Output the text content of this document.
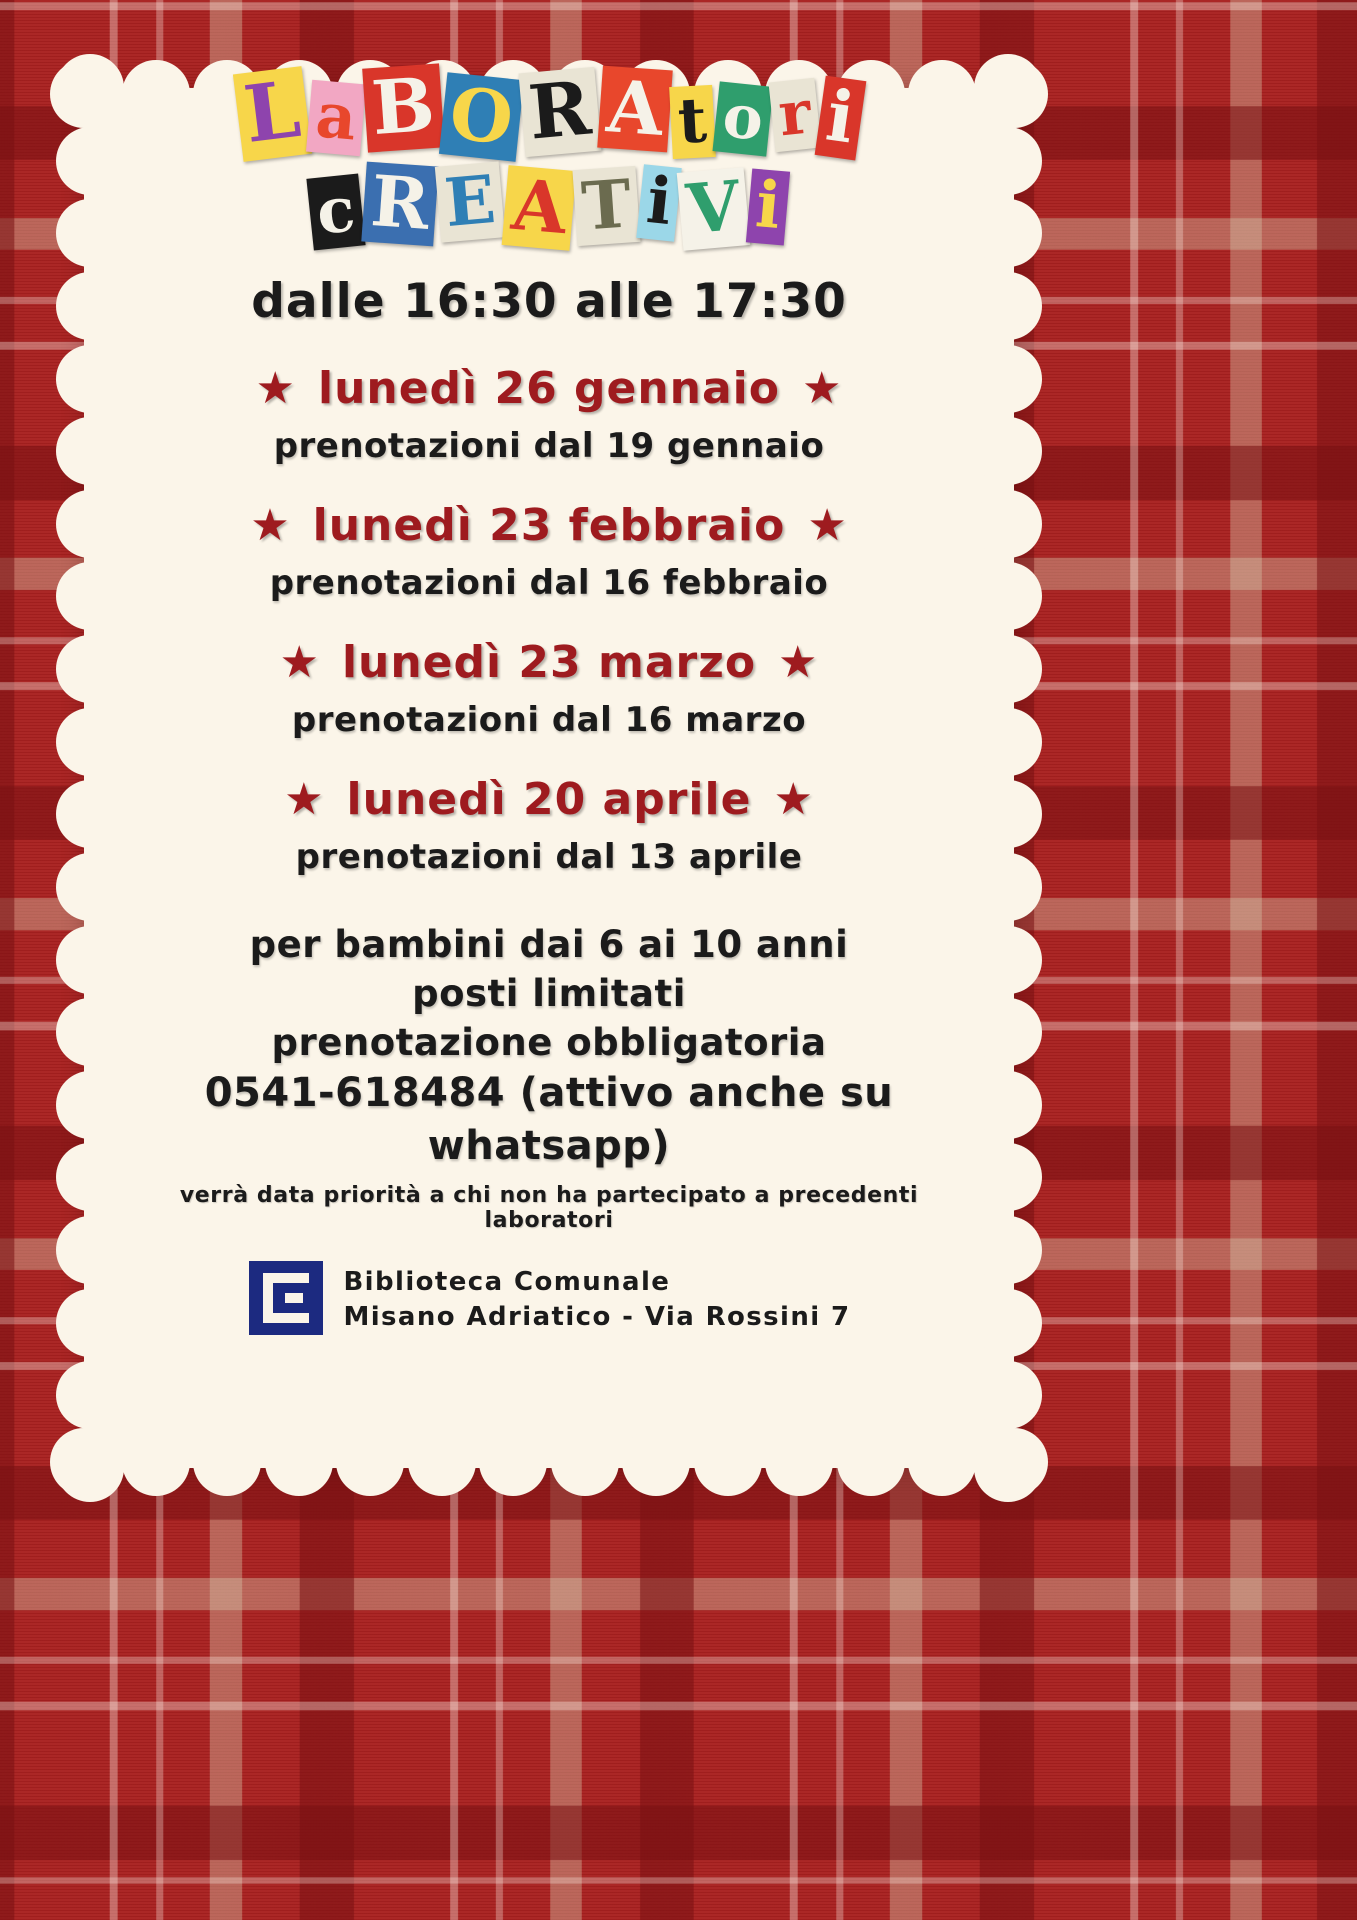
L a B O R A t o r i
c R E A T i V i
dalle 16:30 alle 17:30
★ lunedì 26 gennaio ★
prenotazioni dal 19 gennaio
★ lunedì 23 febbraio ★
prenotazioni dal 16 febbraio
★ lunedì 23 marzo ★
prenotazioni dal 16 marzo
★ lunedì 20 aprile ★
prenotazioni dal 13 aprile
per bambini dai 6 ai 10 anni
posti limitati
prenotazione obbligatoria
0541-618484 (attivo anche su whatsapp)
verrà data priorità a chi non ha partecipato a precedenti laboratori
Biblioteca Comunale
Misano Adriatico - Via Rossini 7
